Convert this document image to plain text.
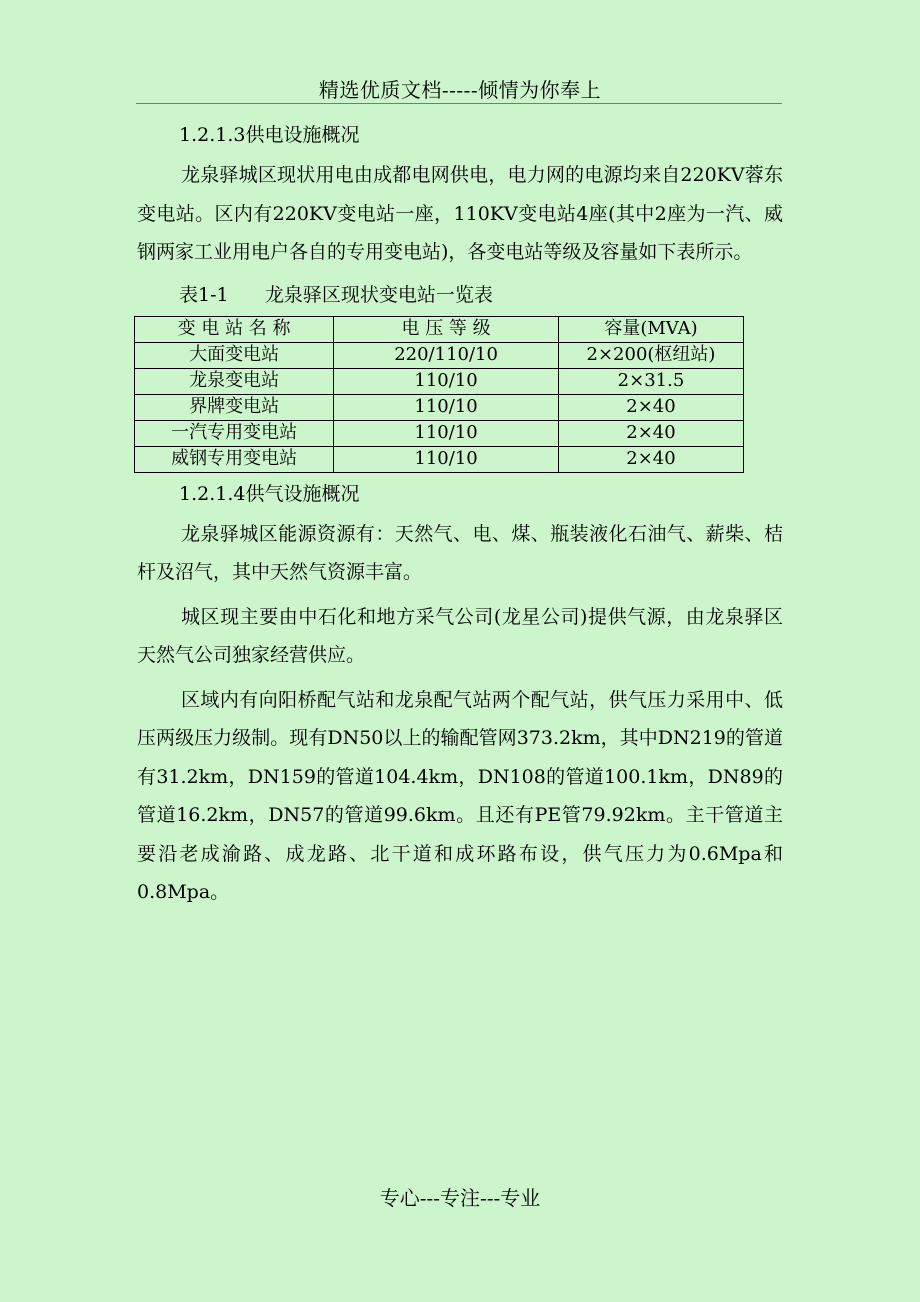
精选优质文档-----倾情为你奉上

1.2.1.3供电设施概况

龙泉驿城区现状用电由成都电网供电，电力网的电源均来自220KV蓉东变电站。区内有220KV变电站一座，110KV变电站4座(其中2座为一汽、威钢两家工业用电户各自的专用变电站)，各变电站等级及容量如下表所示。

表1-1      龙泉驿区现状变电站一览表

变 电 站 名 称	电 压 等 级	容量(MVA)
大面变电站	220/110/10	2×200(枢纽站)
龙泉变电站	110/10	2×31.5
界牌变电站	110/10	2×40
一汽专用变电站	110/10	2×40
威钢专用变电站	110/10	2×40

1.2.1.4供气设施概况

龙泉驿城区能源资源有：天然气、电、煤、瓶装液化石油气、薪柴、桔杆及沼气，其中天然气资源丰富。

城区现主要由中石化和地方采气公司(龙星公司)提供气源，由龙泉驿区天然气公司独家经营供应。

区域内有向阳桥配气站和龙泉配气站两个配气站，供气压力采用中、低压两级压力级制。现有DN50以上的输配管网373.2km，其中DN219的管道有31.2km，DN159的管道104.4km，DN108的管道100.1km，DN89的管道16.2km，DN57的管道99.6km。且还有PE管79.92km。主干管道主要沿老成渝路、成龙路、北干道和成环路布设，供气压力为0.6Mpa和0.8Mpa。

专心---专注---专业
